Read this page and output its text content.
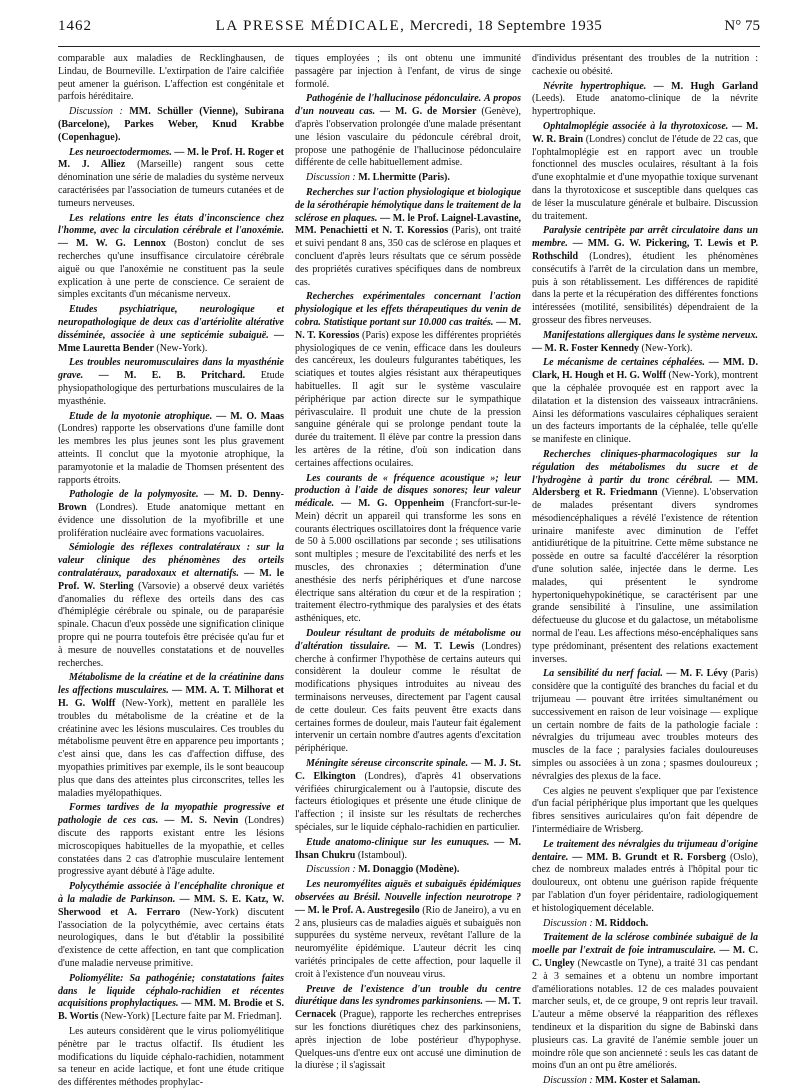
1462	LA PRESSE MÉDICALE, Mercredi, 18 Septembre 1935	N° 75

comparable aux maladies de Recklinghausen, de Lindau, de Bourneville. L'extirpation de l'aire calcifiée peut amener la guérison. L'affection est congénitale et parfois héréditaire.

Discussion : MM. Schüller (Vienne), Subirana (Barcelone), Parkes Weber, Knud Krabbe (Copenhague).

Les neuroectodermomes. — M. le Prof. H. Roger et M. J. Alliez (Marseille) rangent sous cette dénomination une série de maladies du système nerveux caractérisées par l'association de tumeurs cutanées et de tumeurs nerveuses.

Les relations entre les états d'inconscience chez l'homme, avec la circulation cérébrale et l'anoxémie. — M. W. G. Lennox (Boston) conclut de ses recherches qu'une insuffisance circulatoire cérébrale aiguë ou que l'anoxémie ne constituent pas la seule explication à une perte de conscience. Ce seraient de simples excitants d'un mécanisme nerveux.

Etudes psychiatrique, neurologique et neuropathologique de deux cas d'artériolite altérative disséminée, associée à une septicémie subaiguë. — Mme Lauretta Bender (New-York).

Les troubles neuromusculaires dans la myasthénie grave. — M. E. B. Pritchard. Etude physiopathologique des perturbations musculaires de la myasthénie.

Etude de la myotonie atrophique. — M. O. Maas (Londres) rapporte les observations d'une famille dont les membres les plus jeunes sont les plus gravement atteints. Il conclut que la myotonie atrophique, la paramyotonie et la maladie de Thomsen présentent des rapports étroits.

Pathologie de la polymyosite. — M. D. Denny-Brown (Londres). Etude anatomique mettant en évidence une dissolution de la myofibrille et une prolifération nucléaire avec formations vacuolaires.

Sémiologie des réflexes contralatéraux : sur la valeur clinique des phénomènes des orteils contralatéraux, paradoxaux et alternatifs. — M. le Prof. W. Sterling (Varsovie) a observé deux variétés d'anomalies du réflexe des orteils dans des cas d'hémiplégie cérébrale ou spinale, ou de paraparésie spinale. Chacun d'eux possède une signification clinique propre qui ne pourra toutefois être précisée qu'au fur et à mesure de nouvelles constatations et de nouvelles recherches.

Métabolisme de la créatine et de la créatinine dans les affections musculaires. — MM. A. T. Milhorat et H. G. Wolff (New-York), mettent en parallèle les troubles du métabolisme de la créatine et de la créatinine avec les lésions musculaires. Ces troubles du métabolisme peuvent être en apparence peu importants ; c'est ainsi que, dans les cas d'affection diffuse, des myopathies primitives par exemple, ils le sont beaucoup plus que dans des atteintes plus circonscrites, telles les maladies myélopathiques.

Formes tardives de la myopathie progressive et pathologie de ces cas. — M. S. Nevin (Londres) discute des rapports existant entre les lésions microscopiques habituelles de la myopathie, et celles constatées dans 2 cas d'atrophie musculaire lentement progressive ayant débuté à l'âge adulte.

Polycythémie associée à l'encéphalite chronique et à la maladie de Parkinson. — MM. S. E. Katz, W. Sherwood et A. Ferraro (New-York) discutent l'association de la polycythémie, avec certains états neurologiques, dans le but d'établir la possibilité d'existence de cette affection, en tant que complication d'une maladie nerveuse primitive.

Poliomyélite: Sa pathogénie; constatations faites dans le liquide céphalo-rachidien et récentes acquisitions prophylactiques. — MM. M. Brodie et S. B. Wortis (New-York) [Lecture faite par M. Friedman].

Les auteurs considèrent que le virus poliomyélitique pénètre par le tractus olfactif. Ils étudient les modifications du liquide céphalo-rachidien, notamment sa teneur en acide lactique, et font une étude critique des différentes méthodes prophylac-

tiques employées ; ils ont obtenu une immunité passagère par injection à l'enfant, de virus de singe formolé.

Pathogénie de l'hallucinose pédonculaire. A propos d'un nouveau cas. — M. G. de Morsier (Genève), d'après l'observation prolongée d'une malade présentant une lésion vasculaire du pédoncule cérébral droit, propose une pathogénie de l'hallucinose pédonculaire différente de celle habituellement admise.

Discussion : M. Lhermitte (Paris).

Recherches sur l'action physiologique et biologique de la sérothérapie hémolytique dans le traitement de la sclérose en plaques. — M. le Prof. Laignel-Lavastine, MM. Penachietti et N. T. Koressios (Paris), ont traité et suivi pendant 8 ans, 350 cas de sclérose en plaques et concluent d'après leurs résultats que ce sérum possède des propriétés curatives spécifiques dans de nombreux cas.

Recherches expérimentales concernant l'action physiologique et les effets thérapeutiques du venin de cobra. Statistique portant sur 10.000 cas traités. — M. N. T. Koressios (Paris) expose les différentes propriétés physiologiques de ce venin, efficace dans les douleurs des cancéreux, les douleurs fulgurantes tabétiques, les sciatiques et toutes algies résistant aux thérapeutiques habituelles. Il agit sur le système vasculaire périphérique par action directe sur le sympathique périvasculaire. Il produit une chute de la pression sanguine générale qui se prolonge pendant toute la durée du traitement. Il élève par contre la pression dans les artères de la rétine, d'où son indication dans certaines affections oculaires.

Les courants de « fréquence acoustique »; leur production à l'aide de disques sonores; leur valeur médicale. — M. G. Oppenheim (Francfort-sur-le-Mein) décrit un appareil qui transforme les sons en courants électriques oscillatoires dont la fréquence varie de 50 à 5.000 oscillations par seconde ; ses utilisations sont multiples ; mesure de l'excitabilité des nerfs et les muscles, des chronaxies ; détermination d'une anesthésie des nerfs périphériques et d'une narcose électrique sans altération du cœur et de la respiration ; traitement électro-rythmique des paralysies et des états asthéniques, etc.

Douleur résultant de produits de métabolisme ou d'altération tissulaire. — M. T. Lewis (Londres) cherche à confirmer l'hypothèse de certains auteurs qui considèrent la douleur comme le résultat de modifications physiques introduites au niveau des terminaisons nerveuses, directement par l'agent causal de cette douleur. Ces faits peuvent être exacts dans certaines formes de douleur, mais l'auteur fait également intervenir un certain nombre d'autres agents d'excitation périphérique.

Méningite séreuse circonscrite spinale. — M. J. St. C. Elkington (Londres), d'après 41 observations vérifiées chirurgicalement ou à l'autopsie, discute des facteurs étiologiques et présente une étude clinique de l'affection ; il insiste sur les résultats de recherches spéciales, sur le liquide céphalo-rachidien en particulier.

Etude anatomo-clinique sur les eunuques. — M. Ihsan Chukru (Istamboul).

Discussion : M. Donaggio (Modène).

Les neuromyélites aiguës et subaiguës épidémiques observées au Brésil. Nouvelle infection neurotrope ? — M. le Prof. A. Austregesilo (Rio de Janeiro), a vu en 2 ans, plusieurs cas de maladies aiguës et subaiguës non suppurées du système nerveux, revêtant l'allure de la neuromyélite épidémique. L'auteur décrit les cinq variétés principales de cette affection, pour laquelle il croit à l'existence d'un nouveau virus.

Preuve de l'existence d'un trouble du centre diurétique dans les syndromes parkinsoniens. — M. T. Cernacek (Prague), rapporte les recherches entreprises sur les fonctions diurétiques chez des parkinsoniens, après injection de lobe postérieur d'hypophyse. Quelques-uns d'entre eux ont accusé une diminution de la diurèse ; il s'agissait

d'individus présentant des troubles de la nutrition : cachexie ou obésité.

Névrite hypertrophique. — M. Hugh Garland (Leeds). Etude anatomo-clinique de la névrite hypertrophique.

Ophtalmoplégie associée à la thyrotoxicose. — M. W. R. Brain (Londres) conclut de l'étude de 22 cas, que l'ophtalmoplégie est en rapport avec un trouble fonctionnel des muscles oculaires, résultant à la fois d'une exophtalmie et d'une myopathie toxique survenant dans la thyrotoxicose et susceptible dans quelques cas de léser la musculature générale et bulbaire. Discussion du traitement.

Paralysie centripète par arrêt circulatoire dans un membre. — MM. G. W. Pickering, T. Lewis et P. Rothschild (Londres), étudient les phénomènes consécutifs à l'arrêt de la circulation dans un membre, puis à son rétablissement. Les différences de rapidité dans la perte et la récupération des différentes fonctions intéressées (motilité, sensibilités) dépendraient de la grosseur des fibres nerveuses.

Manifestations allergiques dans le système nerveux. — M. R. Foster Kennedy (New-York).

Le mécanisme de certaines céphalées. — MM. D. Clark, H. Hough et H. G. Wolff (New-York), montrent que la céphalée provoquée est en rapport avec la dilatation et la distension des vaisseaux intracrâniens. Ainsi les déformations vasculaires céphaliques seraient un des facteurs importants de la céphalée, telle qu'elle se manifeste en clinique.

Recherches cliniques-pharmacologiques sur la régulation des métabolismes du sucre et de l'hydrogène à partir du tronc cérébral. — MM. Aldersberg et R. Friedmann (Vienne). L'observation de malades présentant divers syndromes mésodiencéphaliques a révélé l'existence de rétention urinaire manifeste avec diminution de l'effet antidiurétique de la pituitrine. Cette même substance ne possède en outre sa faculté d'accélérer la résorption d'une solution salée, injectée dans le derme. Les malades, qui présentent le syndrome hypertoniquehypokinétique, se caractérisent par une grande sensibilité à l'insuline, une assimilation défectueuse du glucose et du galactose, un métabolisme normal de l'eau. Les affections méso-encéphaliques sans type prédominant, présentent des relations exactement inverses.

La sensibilité du nerf facial. — M. F. Lévy (Paris) considère que la contiguïté des branches du facial et du trijumeau — pouvant être irritées simultanément ou successivement en raison de leur voisinage — explique un certain nombre de faits de la pathologie faciale : névralgies du trijumeau avec troubles moteurs des muscles de la face ; paralysies faciales douloureuses simples ou associées à un zona ; spasmes douloureux ; névralgies des plexus de la face.

Ces algies ne peuvent s'expliquer que par l'existence d'un facial périphérique plus important que les quelques fibres sensitives auriculaires qu'on fait dépendre de l'intermédiaire de Wrisberg.

Le traitement des névralgies du trijumeau d'origine dentaire. — MM. B. Grundt et R. Forsberg (Oslo), chez de nombreux malades entrés à l'hôpital pour tic douloureux, ont obtenu une guérison rapide fréquente par l'ablation d'un foyer péridentaire, radiologiquement et histologiquement décelable.

Discussion : M. Riddoch.

Traitement de la sclérose combinée subaiguë de la moelle par l'extrait de foie intramusculaire. — M. C. C. Ungley (Newcastle on Tyne), a traité 31 cas pendant 2 à 3 semaines et a obtenu un nombre important d'améliorations notables. 12 de ces malades pouvaient marcher seuls, et, de ce groupe, 9 ont repris leur travail. L'auteur a même observé la réapparition des réflexes tendineux et la disparition du signe de Babinski dans plusieurs cas. La gravité de l'anémie semble jouer un moindre rôle que son ancienneté : seuls les cas datant de moins d'un an ont pu être améliorés.

Discussion : MM. Koster et Salaman.
